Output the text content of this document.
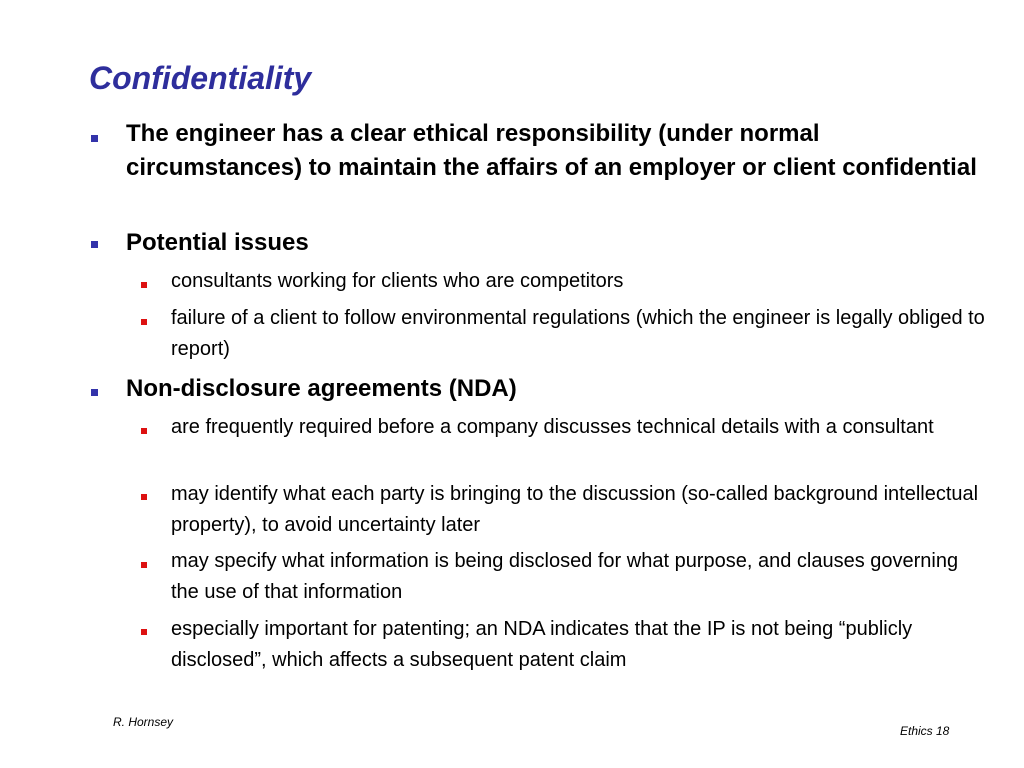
Confidentiality
The engineer has a clear ethical responsibility (under normal circumstances) to maintain the affairs of an employer or client confidential
Potential issues
consultants working for clients who are competitors
failure of a client to follow environmental regulations (which the engineer is legally obliged to report)
Non-disclosure agreements (NDA)
are frequently required before a company discusses technical details with a consultant
may identify what each party is bringing to the discussion (so-called background intellectual property), to avoid uncertainty later
may specify what information is being disclosed for what purpose, and clauses governing the use of that information
especially important for patenting; an NDA indicates that the IP is not being “publicly disclosed”, which affects a subsequent patent claim
R. Hornsey
Ethics 18
